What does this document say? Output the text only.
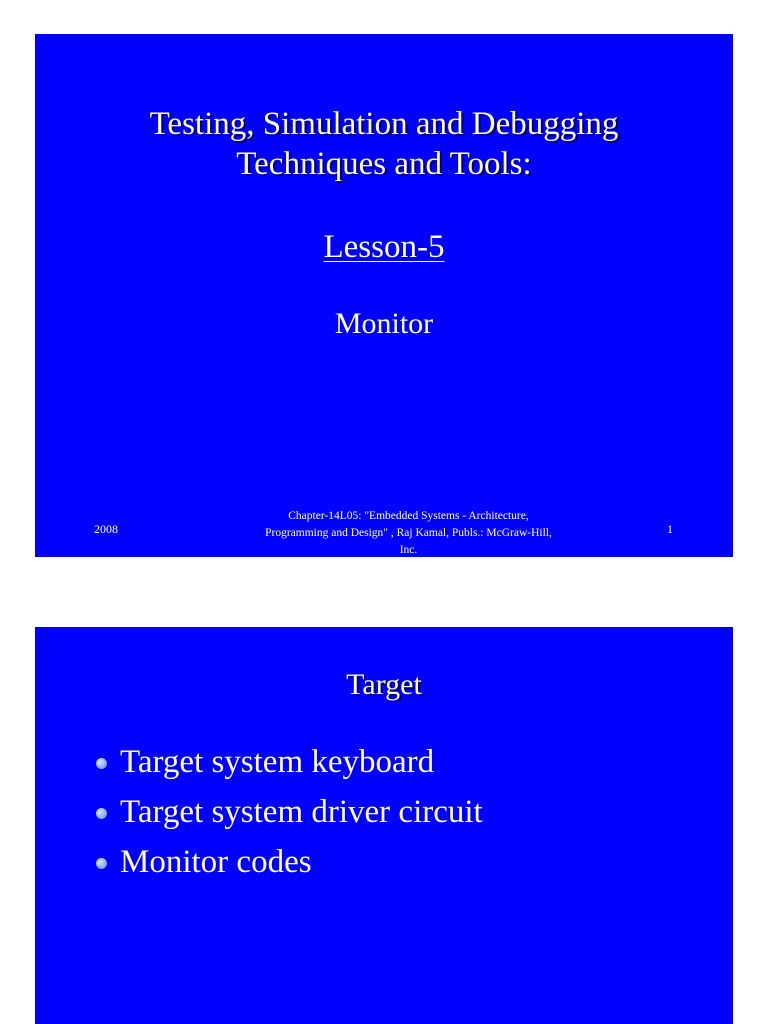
Testing, Simulation and Debugging
Techniques and Tools:
Lesson-5
Monitor
2008
Chapter-14L05: "Embedded Systems - Architecture,
Programming and Design" , Raj Kamal, Publs.: McGraw-Hill,
Inc.
1
Target
Target system keyboard
Target system driver circuit
Monitor codes
